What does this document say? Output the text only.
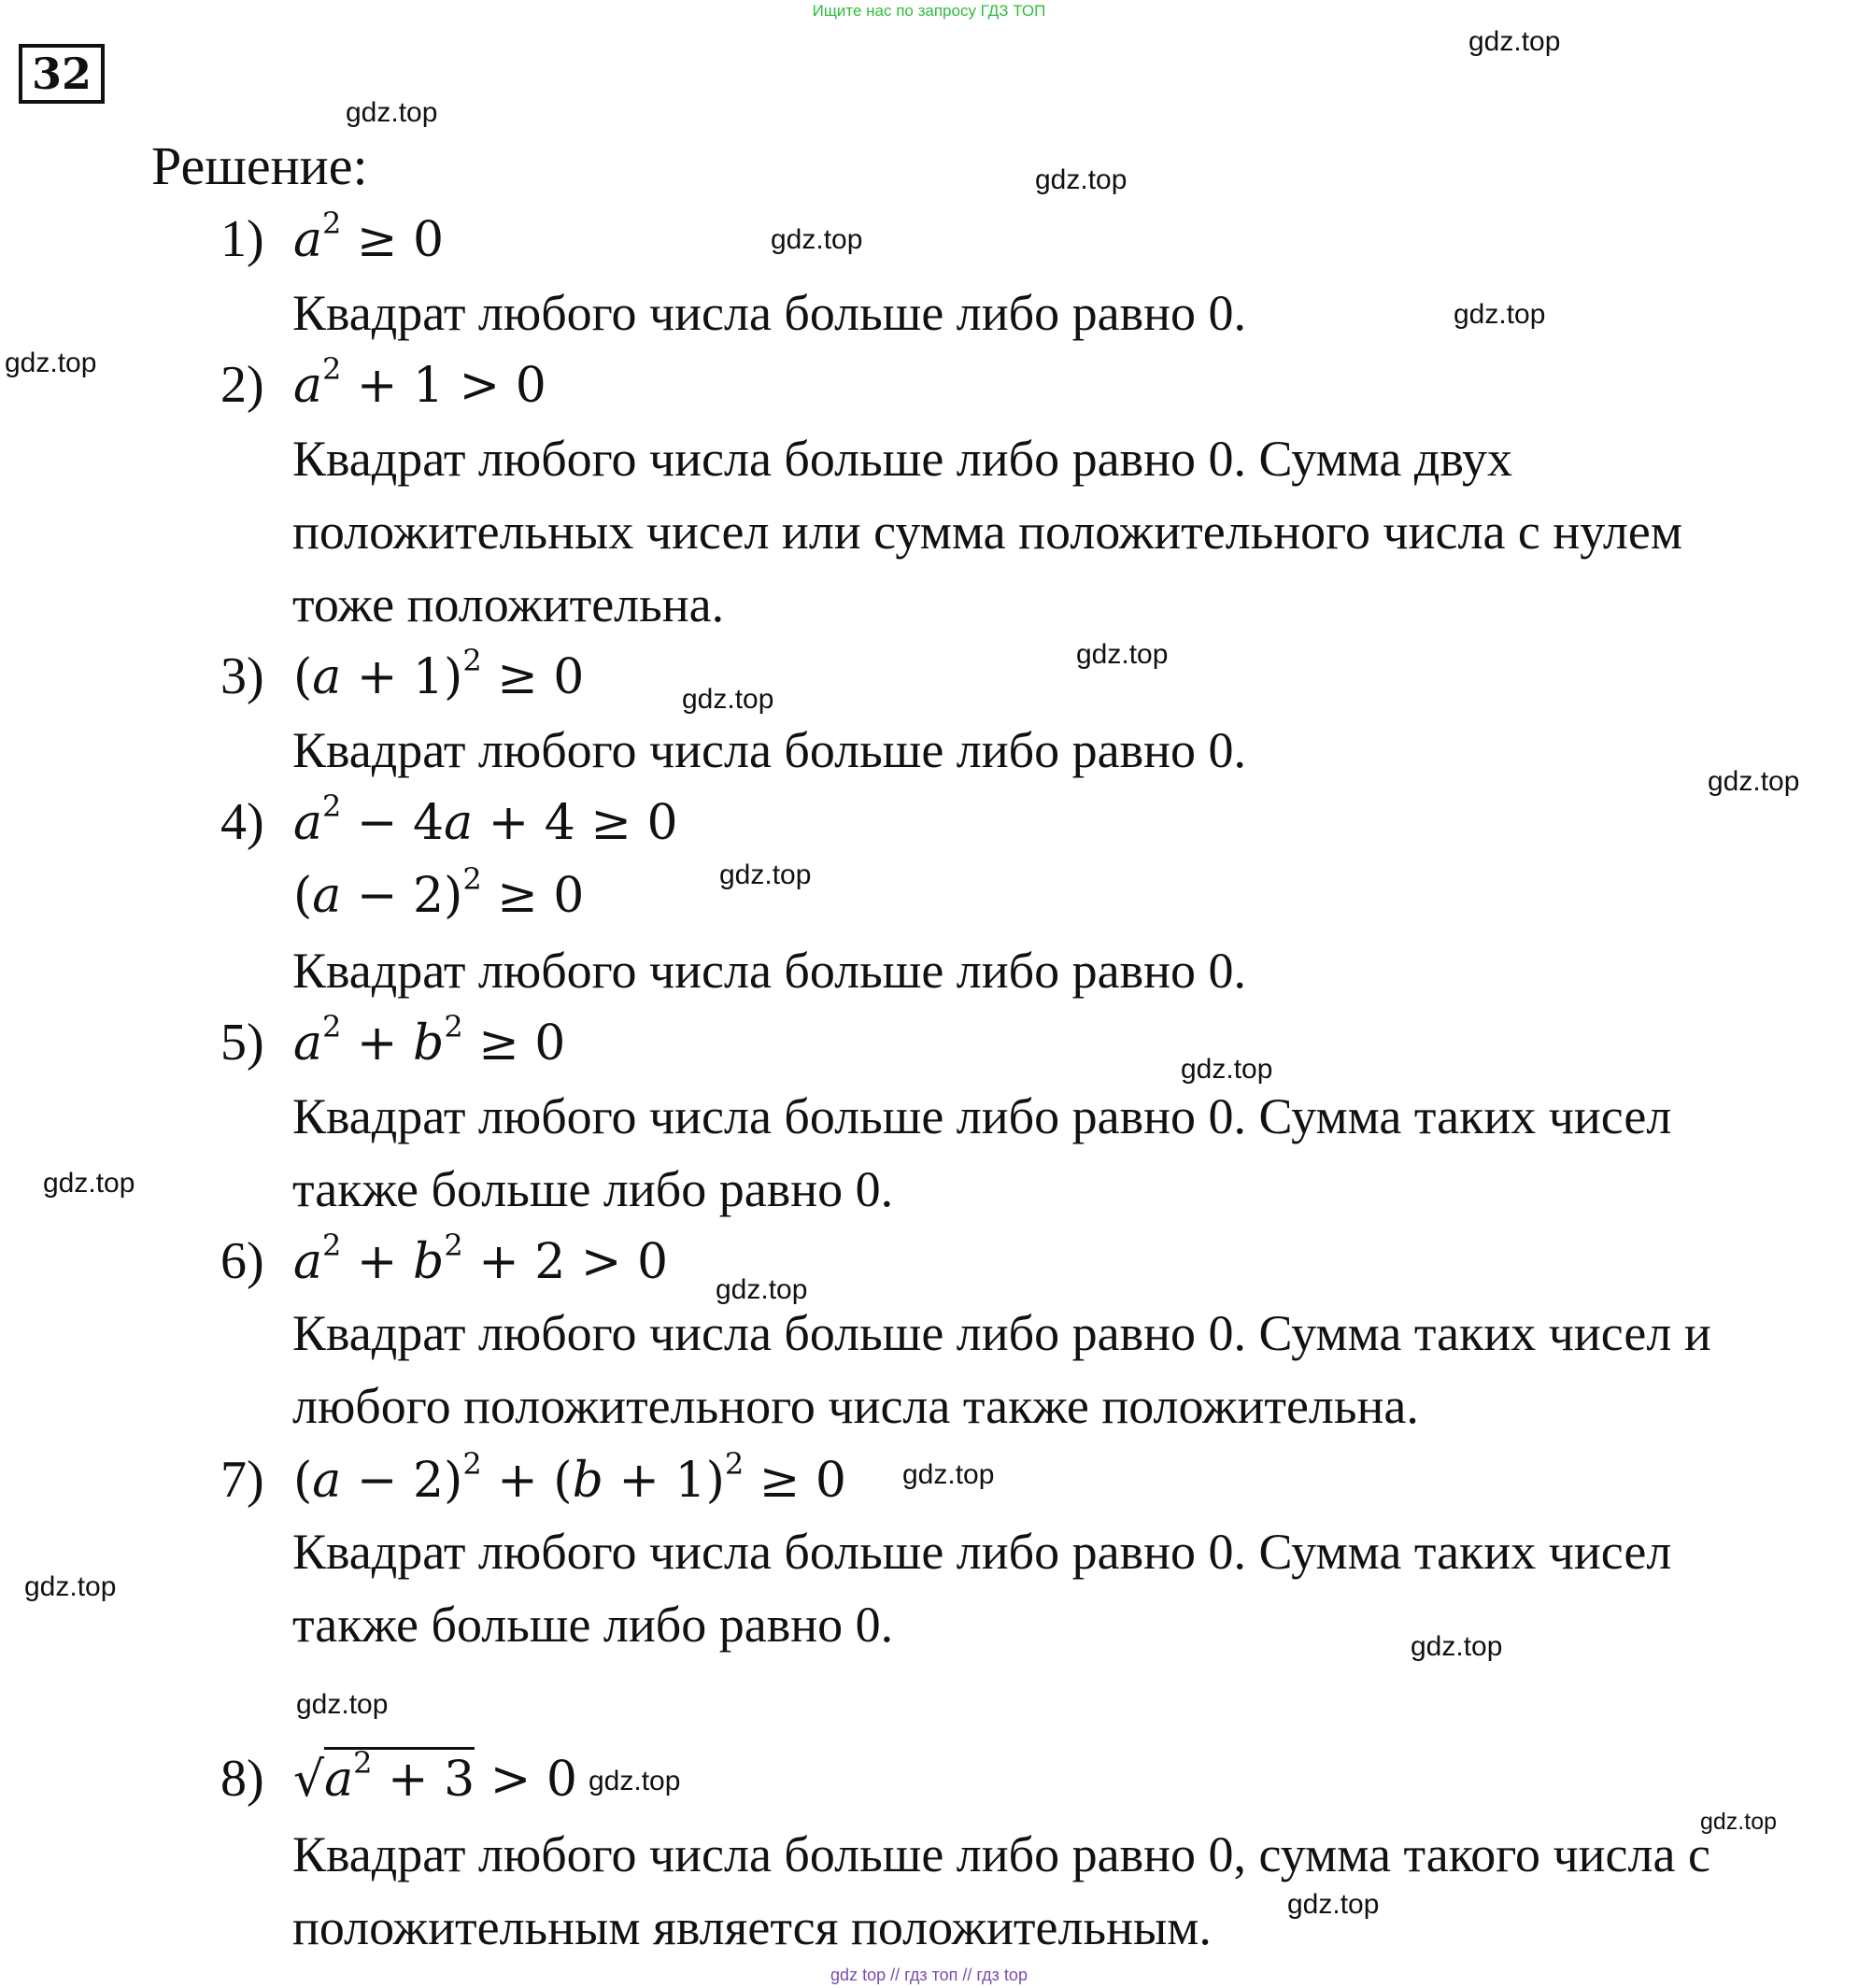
Ищите нас по запросу ГДЗ ТОП
32
Решение:
1) $a^2 \ge 0$
Квадрат любого числа больше либо равно 0.
2) $a^2 + 1 > 0$
Квадрат любого числа больше либо равно 0. Сумма двух
положительных чисел или сумма положительного числа с нулем
тоже положительна.
3) $(a + 1)^2 \ge 0$
Квадрат любого числа больше либо равно 0.
4) $a^2 - 4a + 4 \ge 0$
$(a - 2)^2 \ge 0$
Квадрат любого числа больше либо равно 0.
5) $a^2 + b^2 \ge 0$
Квадрат любого числа больше либо равно 0. Сумма таких чисел
также больше либо равно 0.
6) $a^2 + b^2 + 2 > 0$
Квадрат любого числа больше либо равно 0. Сумма таких чисел и
любого положительного числа также положительна.
7) $(a - 2)^2 + (b + 1)^2 \ge 0$
Квадрат любого числа больше либо равно 0. Сумма таких чисел
также больше либо равно 0.
8) $√a^2 + 3 > 0$
Квадрат любого числа больше либо равно 0, сумма такого числа с
положительным является положительным.
gdz.top
gdz.top
gdz.top
gdz.top
gdz.top
gdz.top
gdz.top
gdz.top
gdz.top
gdz.top
gdz.top
gdz.top
gdz.top
gdz.top
gdz.top
gdz.top
gdz.top
gdz.top
gdz.top
gdz.top
gdz top // гдз топ // гдз top
